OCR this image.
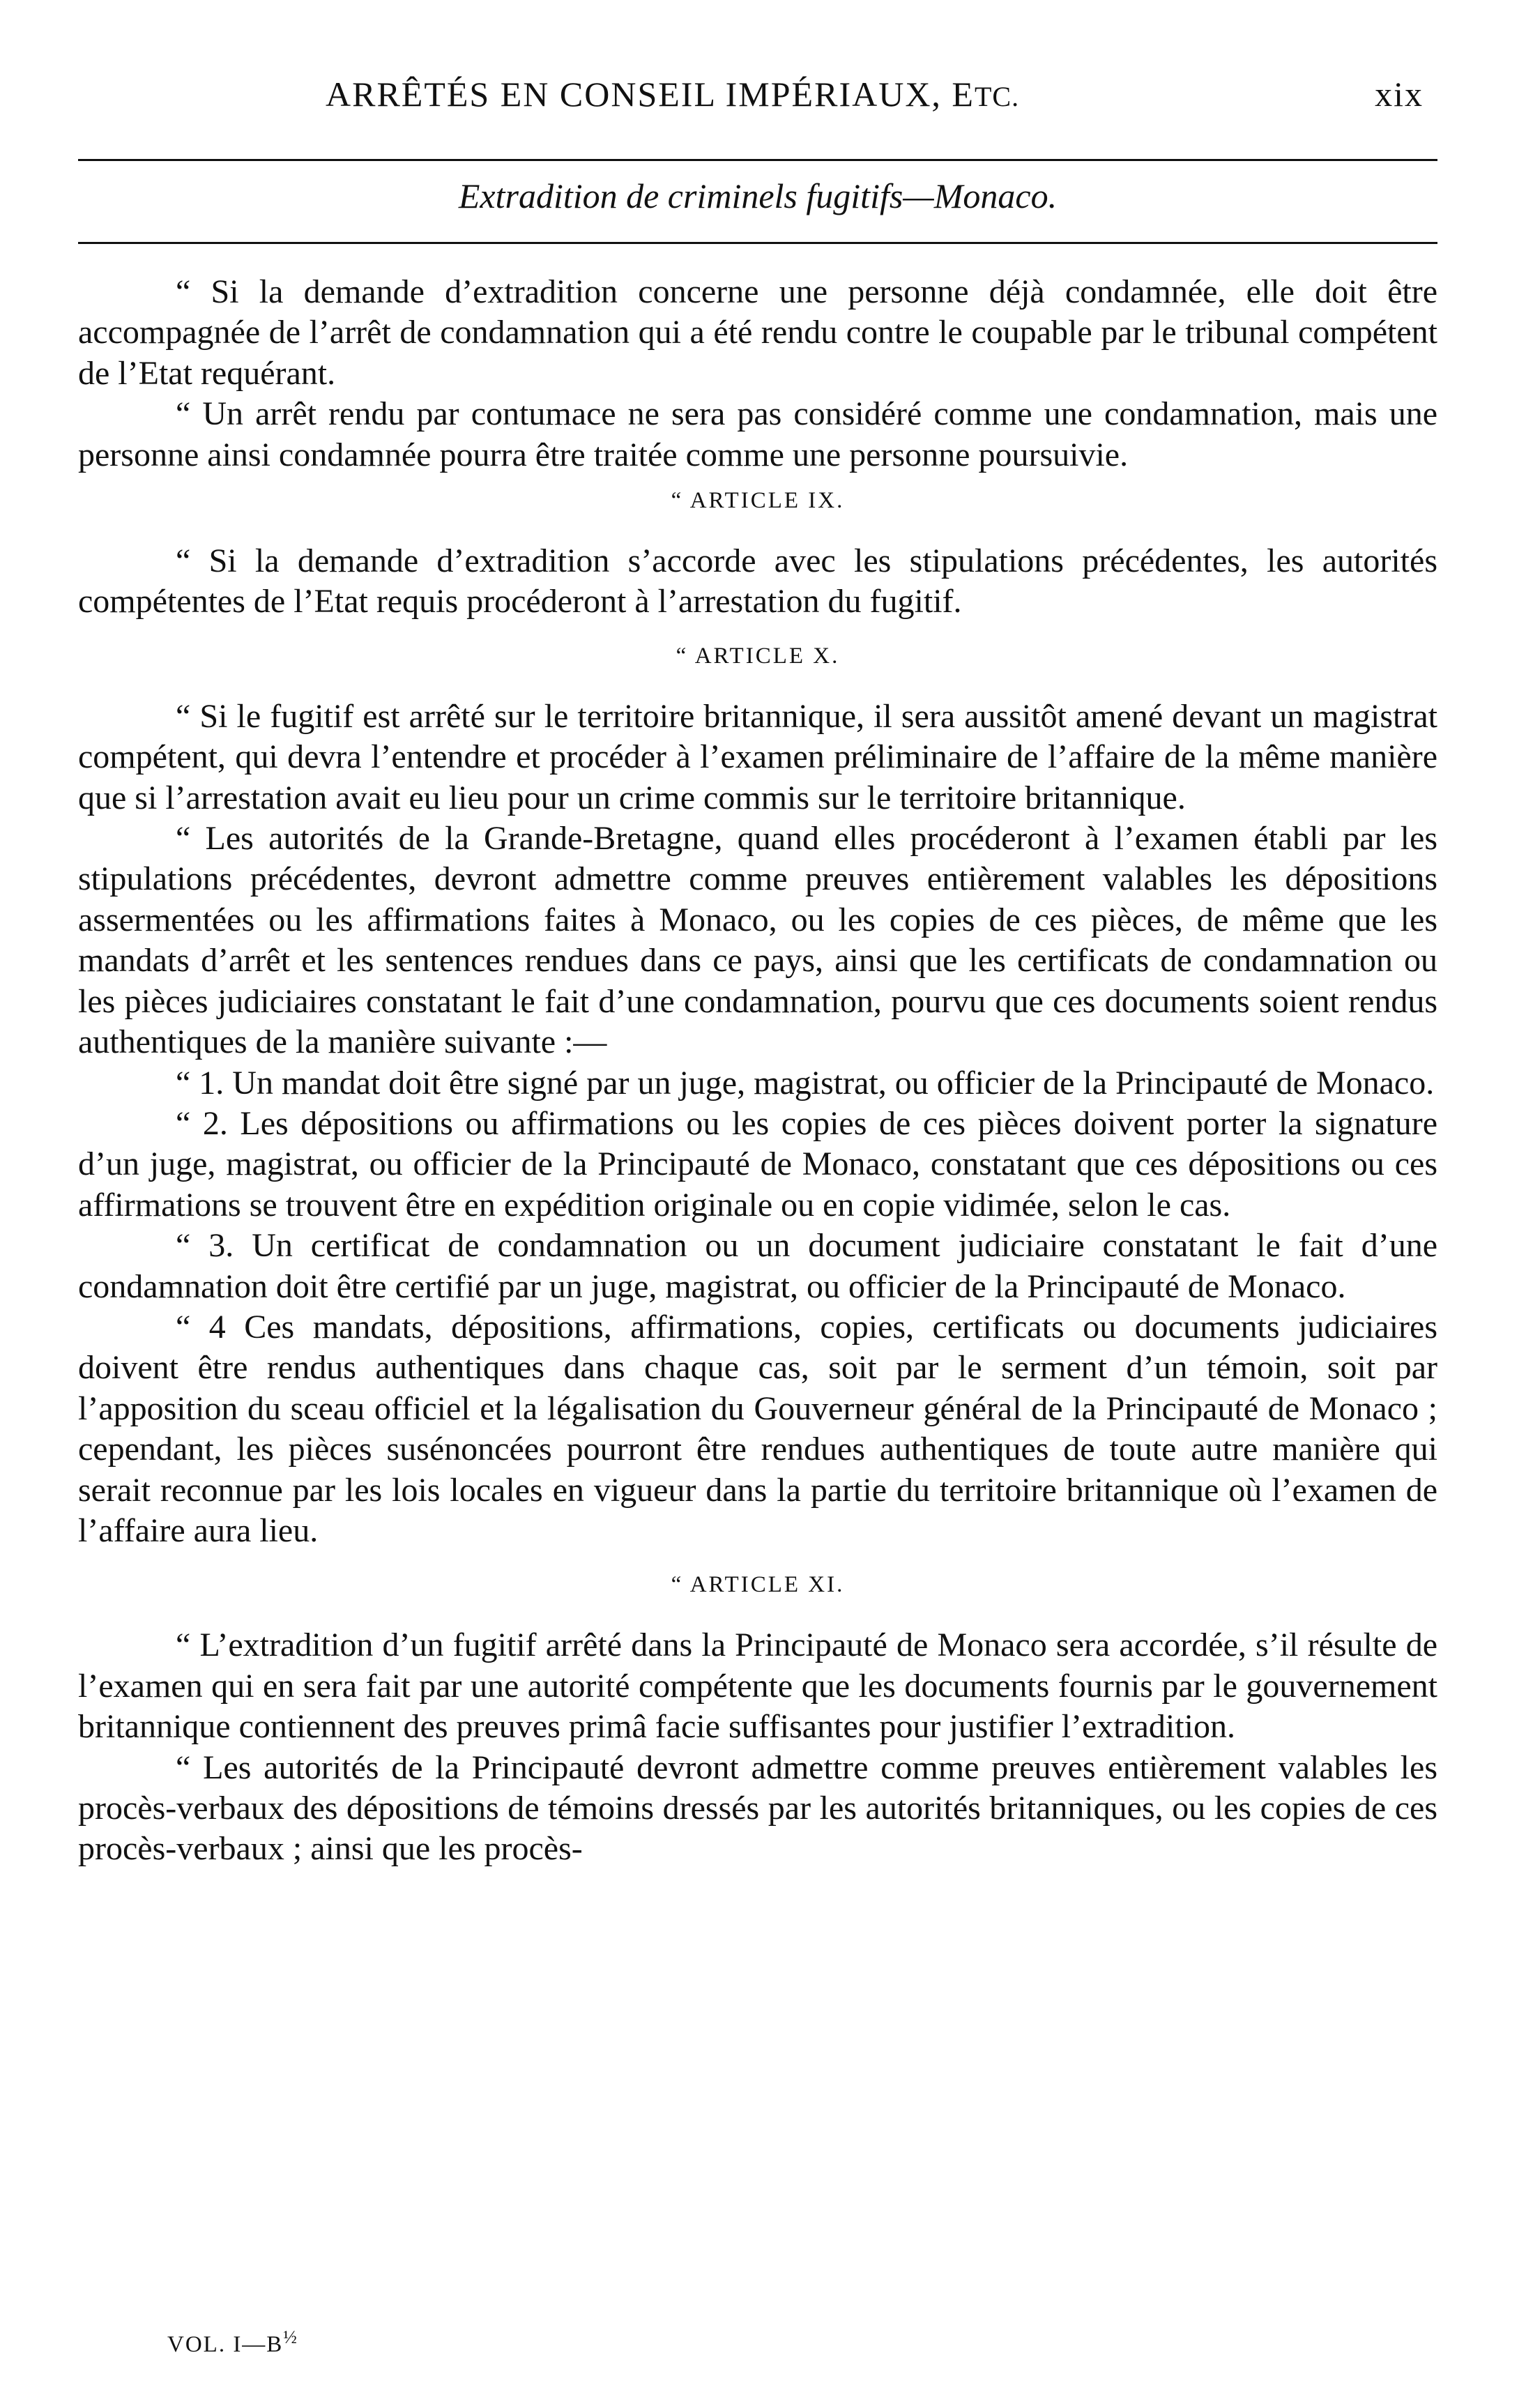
ARRÊTÉS EN CONSEIL IMPÉRIAUX, ETC.	xix
Extradition de criminels fugitifs—Monaco.

“ Si la demande d’extradition concerne une personne déjà condamnée, elle doit être accompagnée de l’arrêt de condamnation qui a été rendu contre le coupable par le tribunal compétent de l’Etat requérant.

“ Un arrêt rendu par contumace ne sera pas considéré comme une condamnation, mais une personne ainsi condamnée pourra être traitée comme une personne poursuivie.

“ ARTICLE IX.

“ Si la demande d’extradition s’accorde avec les stipulations précédentes, les autorités compétentes de l’Etat requis procéderont à l’arrestation du fugitif.

“ ARTICLE X.

“ Si le fugitif est arrêté sur le territoire britannique, il sera aussitôt amené devant un magistrat compétent, qui devra l’entendre et procéder à l’examen préliminaire de l’affaire de la même manière que si l’arrestation avait eu lieu pour un crime commis sur le territoire britannique.

“ Les autorités de la Grande-Bretagne, quand elles procéderont à l’examen établi par les stipulations précédentes, devront admettre comme preuves entièrement valables les dépositions assermentées ou les affirmations faites à Monaco, ou les copies de ces pièces, de même que les mandats d’arrêt et les sentences rendues dans ce pays, ainsi que les certificats de condamnation ou les pièces judiciaires constatant le fait d’une condamnation, pourvu que ces documents soient rendus authentiques de la manière suivante :—

“ 1. Un mandat doit être signé par un juge, magistrat, ou officier de la Principauté de Monaco.

“ 2. Les dépositions ou affirmations ou les copies de ces pièces doivent porter la signature d’un juge, magistrat, ou officier de la Principauté de Monaco, constatant que ces dépositions ou ces affirmations se trouvent être en expédition originale ou en copie vidimée, selon le cas.

“ 3. Un certificat de condamnation ou un document judiciaire constatant le fait d’une condamnation doit être certifié par un juge, magistrat, ou officier de la Principauté de Monaco.

“ 4 Ces mandats, dépositions, affirmations, copies, certificats ou documents judiciaires doivent être rendus authentiques dans chaque cas, soit par le serment d’un témoin, soit par l’apposition du sceau officiel et la légalisation du Gouverneur général de la Principauté de Monaco ; cependant, les pièces susénoncées pourront être rendues authentiques de toute autre manière qui serait reconnue par les lois locales en vigueur dans la partie du territoire britannique où l’examen de l’affaire aura lieu.

“ ARTICLE XI.

“ L’extradition d’un fugitif arrêté dans la Principauté de Monaco sera accordée, s’il résulte de l’examen qui en sera fait par une autorité compétente que les documents fournis par le gouvernement britannique contiennent des preuves primâ facie suffisantes pour justifier l’extradition.

“ Les autorités de la Principauté devront admettre comme preuves entièrement valables les procès-verbaux des dépositions de témoins dressés par les autorités britanniques, ou les copies de ces procès-verbaux ; ainsi que les procès-

VOL. $I—B^{\frac{1}{2}}$
